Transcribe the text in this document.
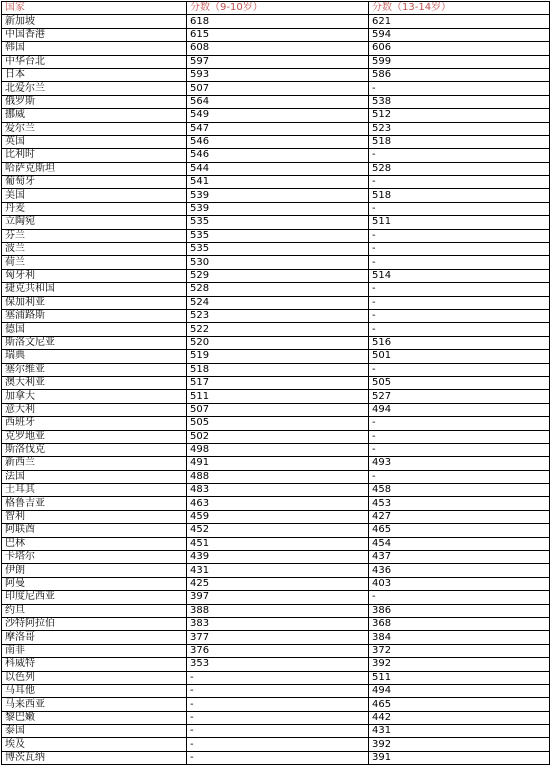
国家	分数（9-10岁）	分数（13-14岁）
新加坡	618	621
中国香港	615	594
韩国	608	606
中华台北	597	599
日本	593	586
北爱尔兰	507	-
俄罗斯	564	538
挪威	549	512
爱尔兰	547	523
英国	546	518
比利时	546	-
哈萨克斯坦	544	528
葡萄牙	541	-
美国	539	518
丹麦	539	-
立陶宛	535	511
芬兰	535	-
波兰	535	-
荷兰	530	-
匈牙利	529	514
捷克共和国	528	-
保加利亚	524	-
塞浦路斯	523	-
德国	522	-
斯洛文尼亚	520	516
瑞典	519	501
塞尔维亚	518	-
澳大利亚	517	505
加拿大	511	527
意大利	507	494
西班牙	505	-
克罗地亚	502	-
斯洛伐克	498	-
新西兰	491	493
法国	488	-
土耳其	483	458
格鲁吉亚	463	453
智利	459	427
阿联酋	452	465
巴林	451	454
卡塔尔	439	437
伊朗	431	436
阿曼	425	403
印度尼西亚	397	-
约旦	388	386
沙特阿拉伯	383	368
摩洛哥	377	384
南非	376	372
科威特	353	392
以色列	-	511
马耳他	-	494
马来西亚	-	465
黎巴嫩	-	442
泰国	-	431
埃及	-	392
博茨瓦纳	-	391
